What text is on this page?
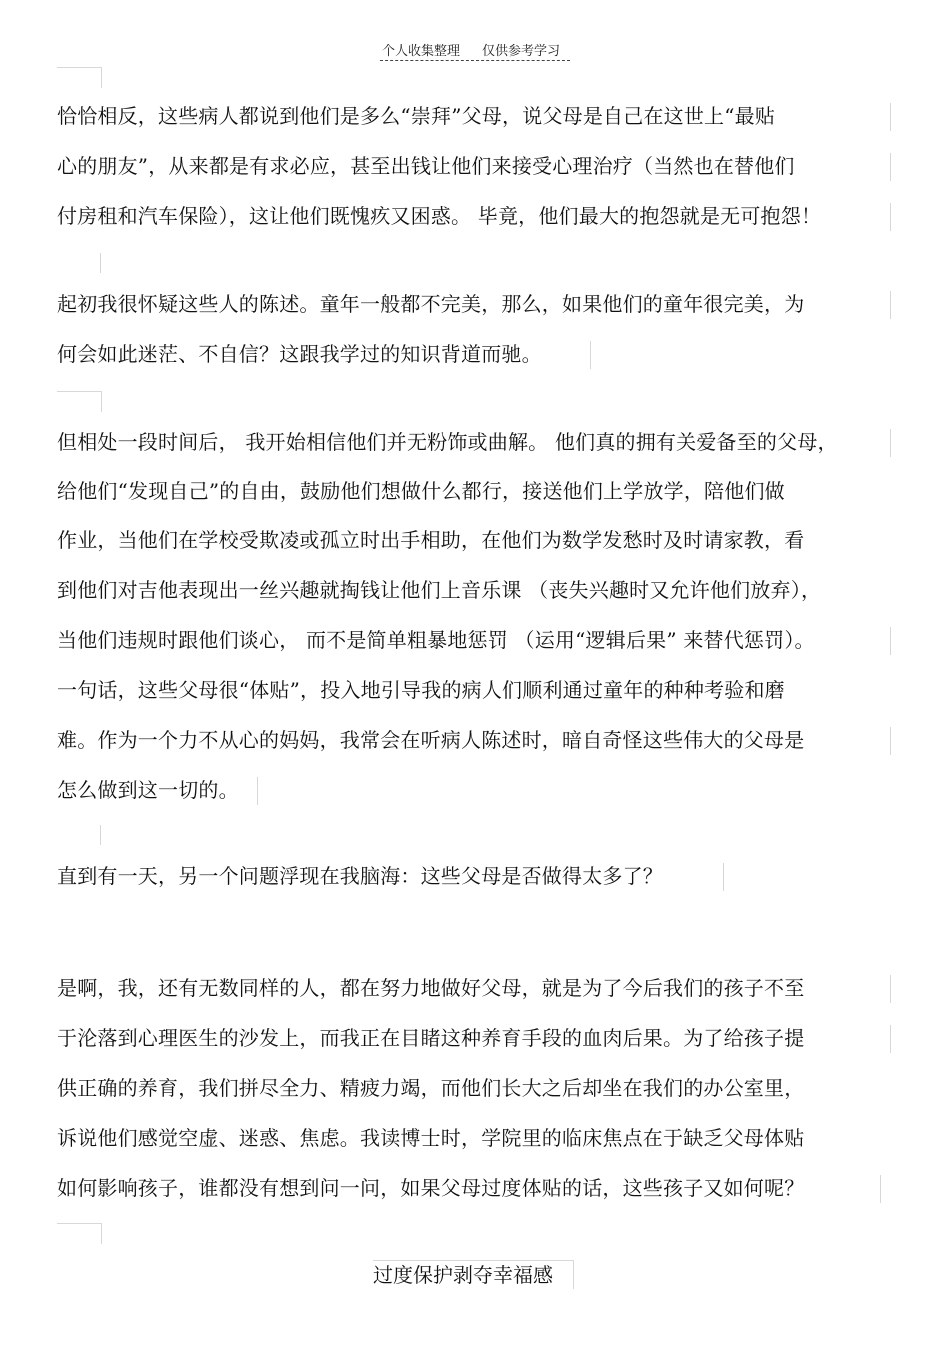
个人收集整理 仅供参考学习
恰恰相反，这些病人都说到他们是多么“崇拜”父母，说父母是自己在这世上“最贴
心的朋友”，从来都是有求必应，甚至出钱让他们来接受心理治疗（当然也在替他们
付房租和汽车保险），这让他们既愧疚又困惑。 毕竟，他们最大的抱怨就是无可抱怨！
起初我很怀疑这些人的陈述。童年一般都不完美，那么，如果他们的童年很完美，为
何会如此迷茫、不自信？这跟我学过的知识背道而驰。
但相处一段时间后， 我开始相信他们并无粉饰或曲解。 他们真的拥有关爱备至的父母，
给他们“发现自己”的自由，鼓励他们想做什么都行，接送他们上学放学，陪他们做
作业，当他们在学校受欺凌或孤立时出手相助，在他们为数学发愁时及时请家教，看
到他们对吉他表现出一丝兴趣就掏钱让他们上音乐课 （丧失兴趣时又允许他们放弃），
当他们违规时跟他们谈心， 而不是简单粗暴地惩罚 （运用“逻辑后果” 来替代惩罚）。
一句话，这些父母很“体贴”，投入地引导我的病人们顺利通过童年的种种考验和磨
难。作为一个力不从心的妈妈，我常会在听病人陈述时，暗自奇怪这些伟大的父母是
怎么做到这一切的。
直到有一天，另一个问题浮现在我脑海：这些父母是否做得太多了？
是啊，我，还有无数同样的人，都在努力地做好父母，就是为了今后我们的孩子不至
于沦落到心理医生的沙发上，而我正在目睹这种养育手段的血肉后果。为了给孩子提
供正确的养育，我们拼尽全力、精疲力竭，而他们长大之后却坐在我们的办公室里，
诉说他们感觉空虚、迷惑、焦虑。我读博士时，学院里的临床焦点在于缺乏父母体贴
如何影响孩子，谁都没有想到问一问，如果父母过度体贴的话，这些孩子又如何呢？
过度保护剥夺幸福感
